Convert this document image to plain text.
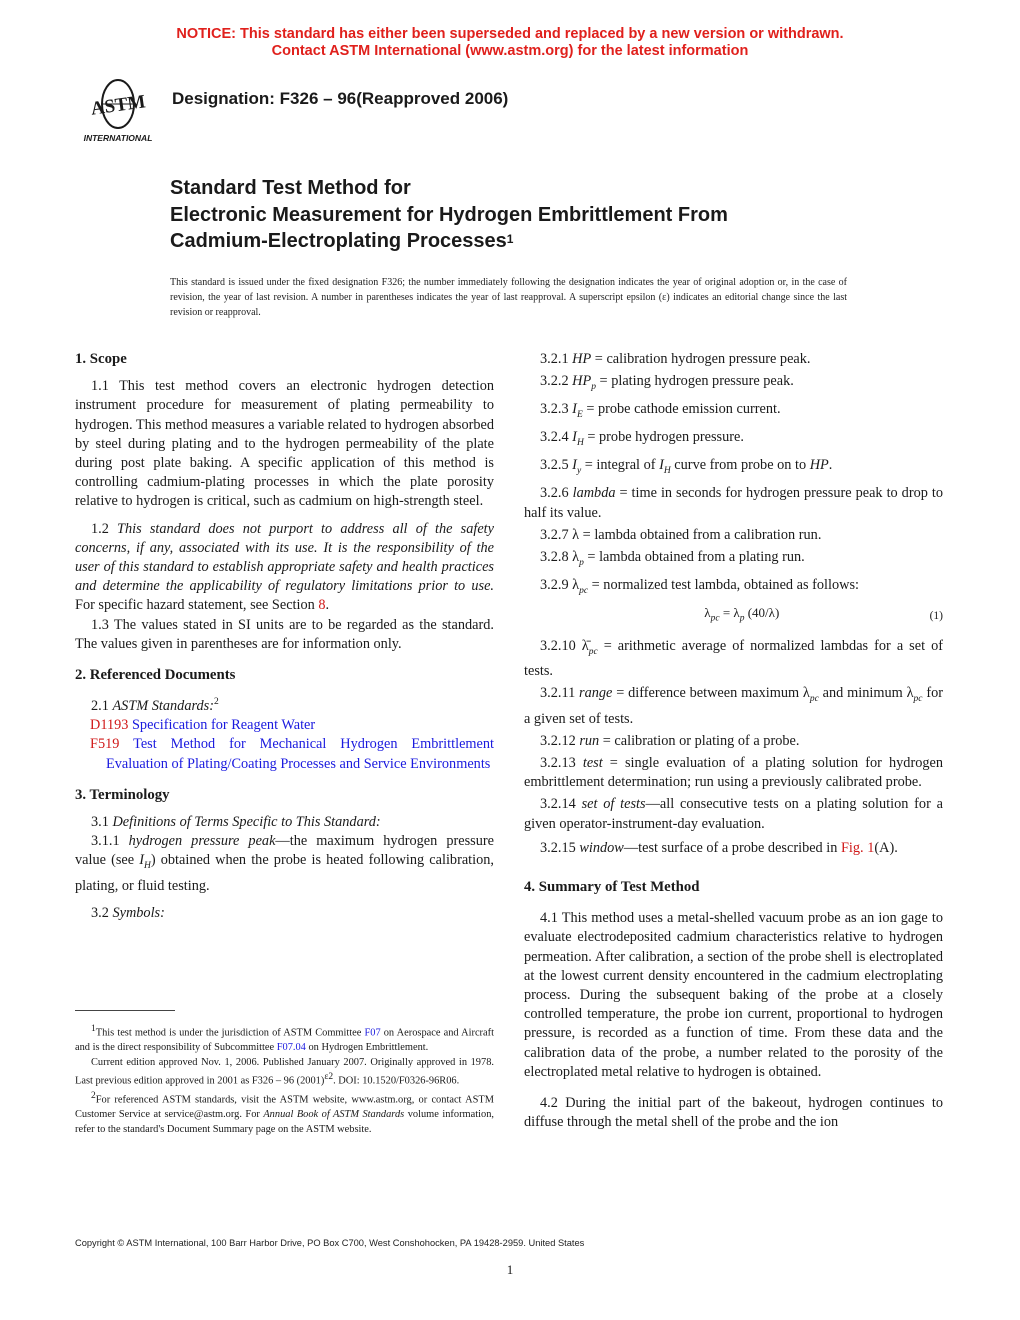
NOTICE: This standard has either been superseded and replaced by a new version or withdrawn.
Contact ASTM International (www.astm.org) for the latest information
ASTM
INTERNATIONAL
Designation: F326 – 96(Reapproved 2006)
Standard Test Method for
Electronic Measurement for Hydrogen Embrittlement From
Cadmium-Electroplating Processes$^1$
This standard is issued under the fixed designation F326; the number immediately following the designation indicates the year of original adoption or, in the case of revision, the year of last revision. A number in parentheses indicates the year of last reapproval. A superscript epsilon (ε) indicates an editorial change since the last revision or reapproval.
1. Scope

1.1 This test method covers an electronic hydrogen detection instrument procedure for measurement of plating permeability to hydrogen. This method measures a variable related to hydrogen absorbed by steel during plating and to the hydrogen permeability of the plate during post plate baking. A specific application of this method is controlling cadmium-plating processes in which the plate porosity relative to hydrogen is critical, such as cadmium on high-strength steel.

1.2 This standard does not purport to address all of the safety concerns, if any, associated with its use. It is the responsibility of the user of this standard to establish appropriate safety and health practices and determine the applicability of regulatory limitations prior to use. For specific hazard statement, see Section 8.

1.3 The values stated in SI units are to be regarded as the standard. The values given in parentheses are for information only.

2. Referenced Documents

2.1 ASTM Standards:$^2$

D1193 Specification for Reagent Water

F519 Test Method for Mechanical Hydrogen Embrittlement Evaluation of Plating/Coating Processes and Service Environments

3. Terminology

3.1 Definitions of Terms Specific to This Standard:

3.1.1 hydrogen pressure peak—the maximum hydrogen pressure value (see $I_H$) obtained when the probe is heated following calibration, plating, or fluid testing.

3.2 Symbols:

3.2.1 HP = calibration hydrogen pressure peak.

3.2.2 $HP_p$ = plating hydrogen pressure peak.

3.2.3 $I_E$ = probe cathode emission current.

3.2.4 $I_H$ = probe hydrogen pressure.

3.2.5 $I_y$ = integral of $I_H$ curve from probe on to HP.

3.2.6 lambda = time in seconds for hydrogen pressure peak to drop to half its value.

3.2.7 λ = lambda obtained from a calibration run.

3.2.8 $\lambda_p$ = lambda obtained from a plating run.

3.2.9 $\lambda_{pc}$ = normalized test lambda, obtained as follows:

$\lambda_{pc} = \lambda_p$ (40/λ)	(1)

3.2.10 $\lambdā_{pc}$ = arithmetic average of normalized lambdas for a set of tests.

3.2.11 range = difference between maximum $\lambda_{pc}$ and minimum $\lambda_{pc}$ for a given set of tests.

3.2.12 run = calibration or plating of a probe.

3.2.13 test = single evaluation of a plating solution for hydrogen embrittlement determination; run using a previously calibrated probe.

3.2.14 set of tests—all consecutive tests on a plating solution for a given operator-instrument-day evaluation.

3.2.15 window—test surface of a probe described in Fig. 1(A).

4. Summary of Test Method

4.1 This method uses a metal-shelled vacuum probe as an ion gage to evaluate electrodeposited cadmium characteristics relative to hydrogen permeation. After calibration, a section of the probe shell is electroplated at the lowest current density encountered in the cadmium electroplating process. During the subsequent baking of the probe at a closely controlled temperature, the probe ion current, proportional to hydrogen pressure, is recorded as a function of time. From these data and the calibration data of the probe, a number related to the porosity of the electroplated metal relative to hydrogen is obtained.

4.2 During the initial part of the bakeout, hydrogen continues to diffuse through the metal shell of the probe and the ion

$^1$This test method is under the jurisdiction of ASTM Committee F07 on Aerospace and Aircraft and is the direct responsibility of Subcommittee F07.04 on Hydrogen Embrittlement.

Current edition approved Nov. 1, 2006. Published January 2007. Originally approved in 1978. Last previous edition approved in 2001 as F326 – 96 $(2001)^{\varepsilon 2}$. DOI: 10.1520/F0326-96R06.

$^2$For referenced ASTM standards, visit the ASTM website, www.astm.org, or contact ASTM Customer Service at service@astm.org. For Annual Book of ASTM Standards volume information, refer to the standard's Document Summary page on the ASTM website.

Copyright © ASTM International, 100 Barr Harbor Drive, PO Box C700, West Conshohocken, PA 19428-2959. United States
1
